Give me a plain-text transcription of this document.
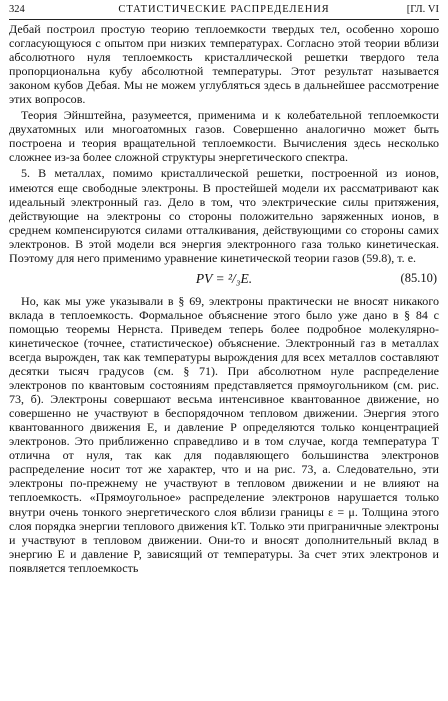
324	СТАТИСТИЧЕСКИЕ РАСПРЕДЕЛЕНИЯ	[ГЛ. VI

Дебай построил простую теорию теплоемкости твердых тел, особенно хорошо согласующуюся с опытом при низких температурах. Согласно этой теории вблизи абсолютного нуля теплоемкость кристаллической решетки твердого тела пропорциональна кубу абсолютной температуры. Этот результат называется законом кубов Дебая. Мы не можем углубляться здесь в дальнейшее рассмотрение этих вопросов.

Теория Эйнштейна, разумеется, применима и к колебательной теплоемкости двухатомных или многоатомных газов. Совершенно аналогично может быть построена и теория вращательной теплоемкости. Вычисления здесь несколько сложнее из-за более сложной структуры энергетического спектра.

5. В металлах, помимо кристаллической решетки, построенной из ионов, имеются еще свободные электроны. В простейшей модели их рассматривают как идеальный электронный газ. Дело в том, что электрические силы притяжения, действующие на электроны со стороны положительно заряженных ионов, в среднем компенсируются силами отталкивания, действующими со стороны самих электронов. В этой модели вся энергия электронного газа только кинетическая. Поэтому для него применимо уравнение кинетической теории газов (59.8), т. е.

PV = ²/₃E.	(85.10)

Но, как мы уже указывали в § 69, электроны практически не вносят никакого вклада в теплоемкость. Формальное объяснение этого было уже дано в § 84 с помощью теоремы Нернста. Приведем теперь более подробное молекулярно-кинетическое (точнее, статистическое) объяснение. Электронный газ в металлах всегда вырожден, так как температуры вырождения для всех металлов составляют десятки тысяч градусов (см. § 71). При абсолютном нуле распределение электронов по квантовым состояниям представляется прямоугольником (см. рис. 73, б). Электроны совершают весьма интенсивное квантованное движение, но совершенно не участвуют в беспорядочном тепловом движении. Энергия этого квантованного движения E, и давление P определяются только концентрацией электронов. Это приближенно справедливо и в том случае, когда температура T отлична от нуля, так как для подавляющего большинства электронов распределение носит тот же характер, что и на рис. 73, а. Следовательно, эти электроны по-прежнему не участвуют в тепловом движении и не влияют на теплоемкость. «Прямоугольное» распределение электронов нарушается только внутри очень тонкого энергетического слоя вблизи границы ε = μ. Толщина этого слоя порядка энергии теплового движения kT. Только эти приграничные электроны и участвуют в тепловом движении. Они-то и вносят дополнительный вклад в энергию E и давление P, зависящий от температуры. За счет этих электронов и появляется теплоемкость
